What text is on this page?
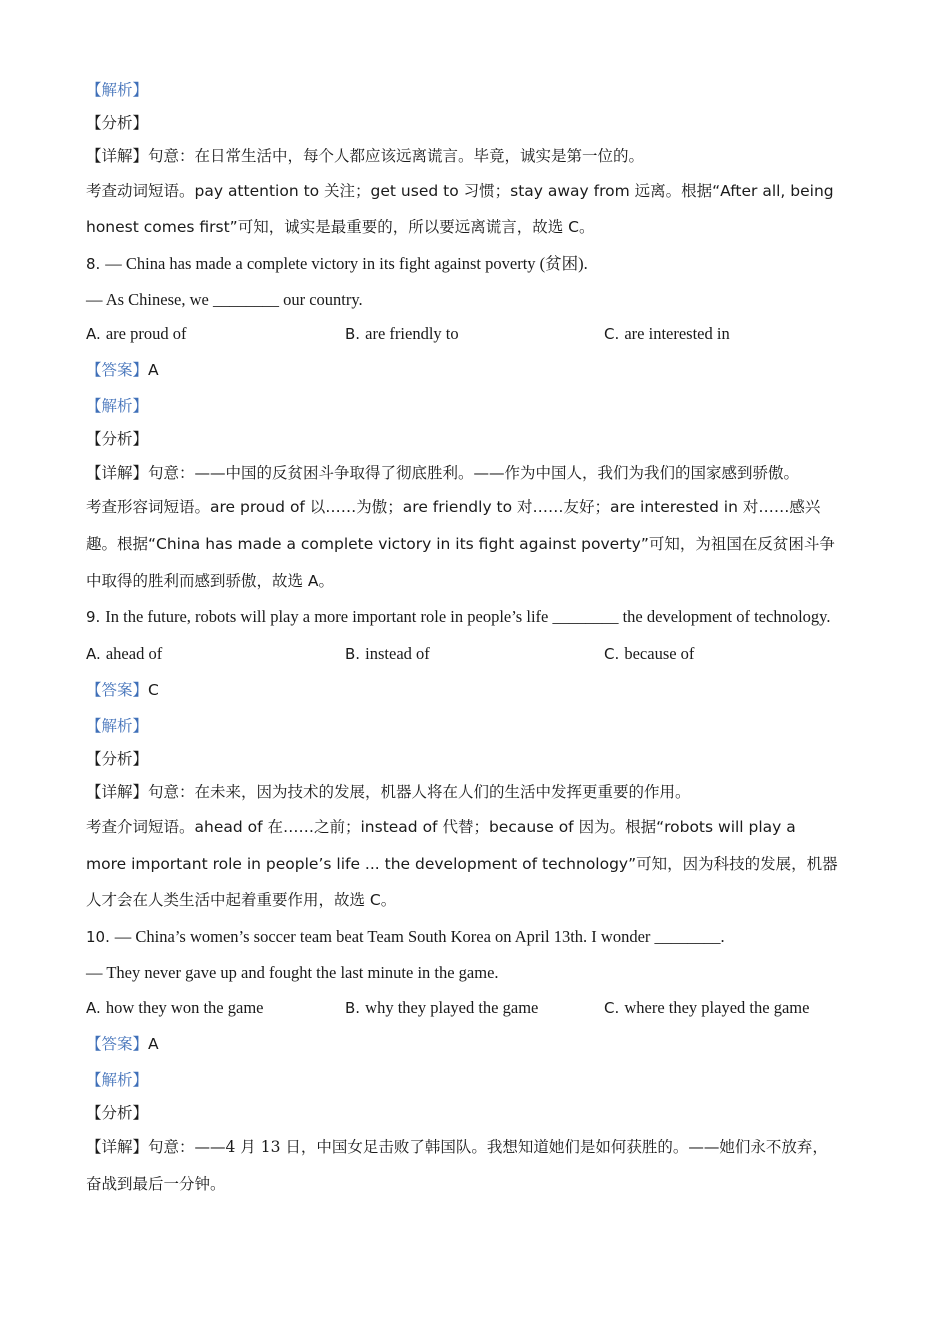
【解析】
【分析】
【详解】句意：在日常生活中，每个人都应该远离谎言。毕竟，诚实是第一位的。
考查动词短语。pay attention to 关注；get used to 习惯；stay away from 远离。根据“After all, being
honest comes first”可知，诚实是最重要的，所以要远离谎言，故选 C。
8. — China has made a complete victory in its fight against poverty (贫困).
— As Chinese, we ________ our country.
A. are proud of	B. are friendly to	C. are interested in
【答案】A
【解析】
【分析】
【详解】句意：——中国的反贫困斗争取得了彻底胜利。——作为中国人，我们为我们的国家感到骄傲。
考查形容词短语。are proud of 以……为傲；are friendly to 对……友好；are interested in 对……感兴
趣。根据“China has made a complete victory in its fight against poverty”可知，为祖国在反贫困斗争
中取得的胜利而感到骄傲，故选 A。
9. In the future, robots will play a more important role in people’s life ________ the development of technology.
A. ahead of	B. instead of	C. because of
【答案】C
【解析】
【分析】
【详解】句意：在未来，因为技术的发展，机器人将在人们的生活中发挥更重要的作用。
考查介词短语。ahead of 在……之前；instead of 代替；because of 因为。根据“robots will play a
more important role in people’s life ... the development of technology”可知，因为科技的发展，机器
人才会在人类生活中起着重要作用，故选 C。
10. — China’s women’s soccer team beat Team South Korea on April 13th. I wonder ________.
— They never gave up and fought the last minute in the game.
A. how they won the game	B. why they played the game	C. where they played the game
【答案】A
【解析】
【分析】
【详解】句意：——4 月 13 日，中国女足击败了韩国队。我想知道她们是如何获胜的。——她们永不放弃，
奋战到最后一分钟。
